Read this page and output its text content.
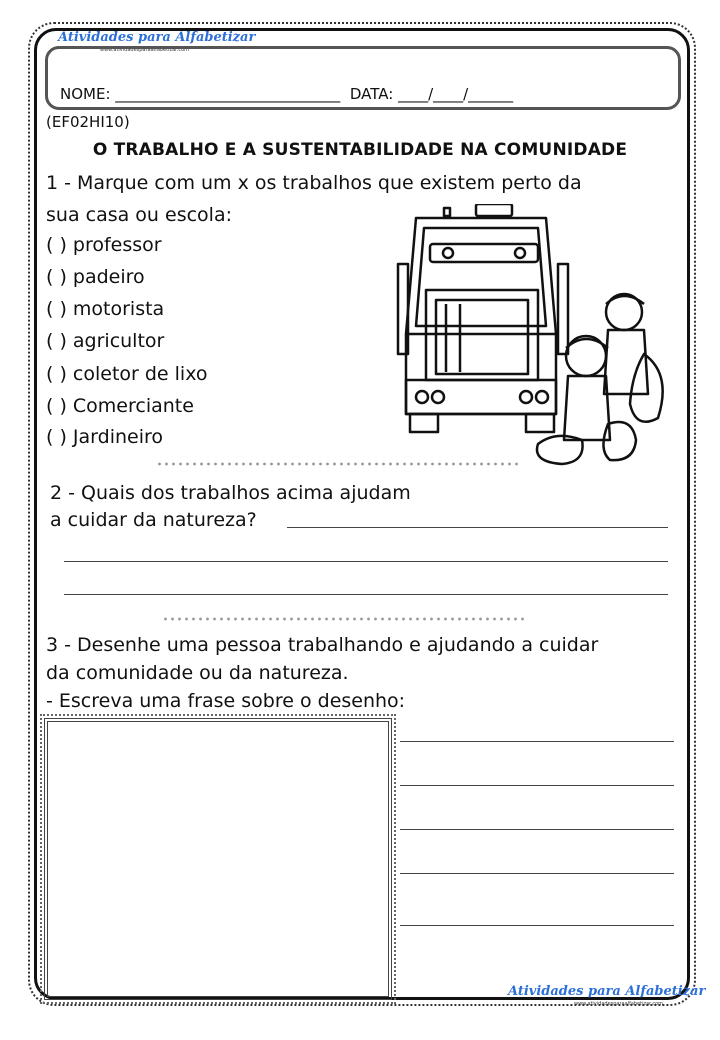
Atividades para Alfabetizar
www.atividadesparaalfabetizar.com
NOME: ______________________________ DATA: ____/____/______
(EF02HI10)
O TRABALHO E A SUSTENTABILIDADE NA COMUNIDADE
1 - Marque com um x os trabalhos que existem perto da
sua casa ou escola:
( ) professor
( ) padeiro
( ) motorista
( ) agricultor
( ) coletor de lixo
( ) Comerciante
( ) Jardineiro
2 - Quais dos trabalhos acima ajudam
a cuidar da natureza?
3 - Desenhe uma pessoa trabalhando e ajudando a cuidar
da comunidade ou da natureza.
- Escreva uma frase sobre o desenho:
Atividades para Alfabetizar
www.atividadesparaalfabetizar.com
